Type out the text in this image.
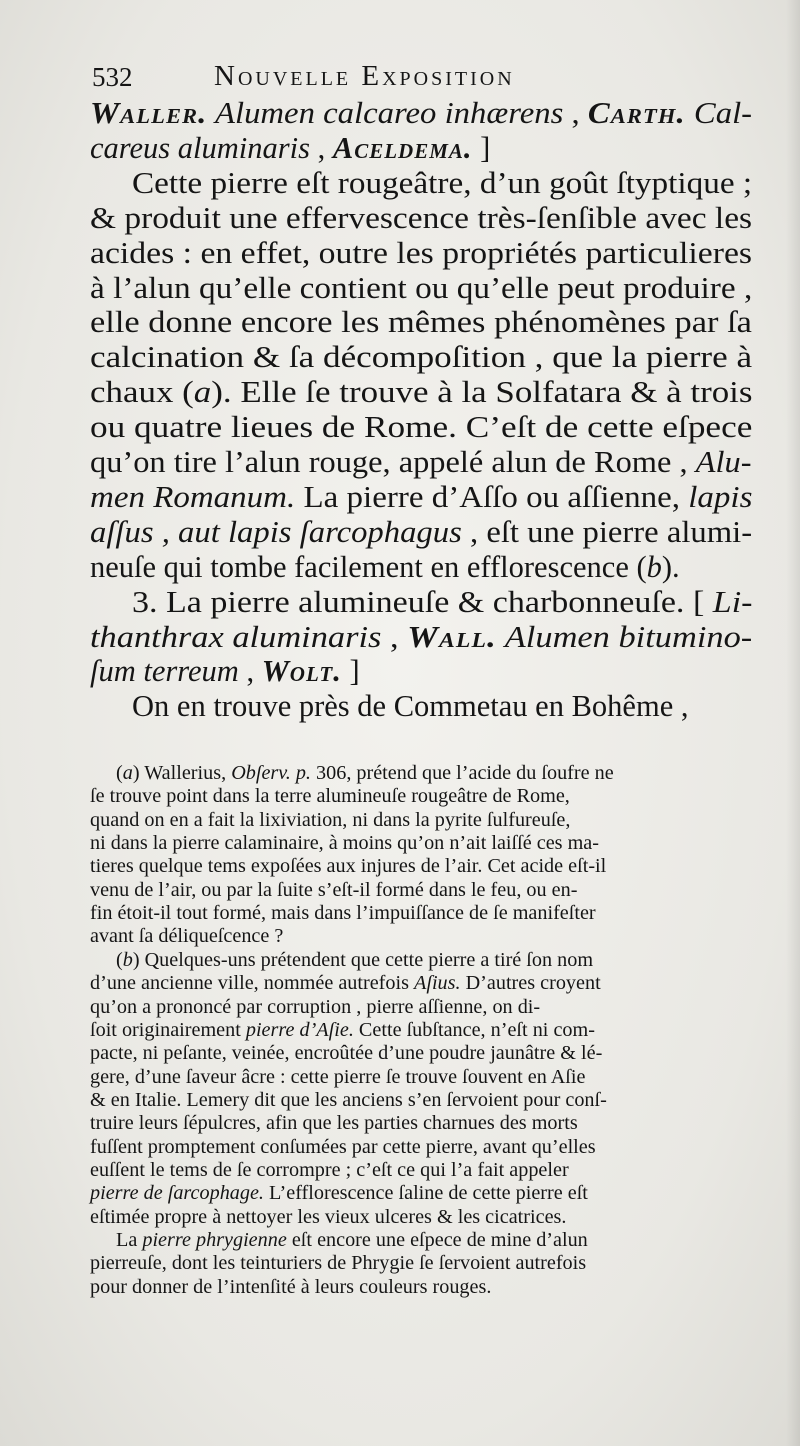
532	Nouvelle Exposition
Waller. Alumen calcareo inhærens , Carth. Cal-
careus aluminaris , Aceldema. ]
Cette pierre eſt rougeâtre, d’un goût ſtyptique ;
& produit une effervescence très-ſenſible avec les
acides : en effet, outre les propriétés particulieres
à l’alun qu’elle contient ou qu’elle peut produire ,
elle donne encore les mêmes phénomènes par ſa
calcination & ſa décompoſition , que la pierre à
chaux (a). Elle ſe trouve à la Solfatara & à trois
ou quatre lieues de Rome. C’eſt de cette eſpece
qu’on tire l’alun rouge, appelé alun de Rome , Alu-
men Romanum. La pierre d’Aſſo ou aſſienne, lapis
aſſus , aut lapis ſarcophagus , eſt une pierre alumi-
neuſe qui tombe facilement en efflorescence (b).
3. La pierre alumineuſe & charbonneuſe. [ Li-
thanthrax aluminaris , Wall. Alumen bitumino-
ſum terreum , Wolt. ]
On en trouve près de Commetau en Bohême ,
(a) Wallerius, Obſerv. p. 306, prétend que l’acide du ſoufre ne
ſe trouve point dans la terre alumineuſe rougeâtre de Rome,
quand on en a fait la lixiviation, ni dans la pyrite ſulfureuſe,
ni dans la pierre calaminaire, à moins qu’on n’ait laiſſé ces ma-
tieres quelque tems expoſées aux injures de l’air. Cet acide eſt-il
venu de l’air, ou par la ſuite s’eſt-il formé dans le feu, ou en-
fin étoit-il tout formé, mais dans l’impuiſſance de ſe manifeſter
avant ſa déliqueſcence ?
(b) Quelques-uns prétendent que cette pierre a tiré ſon nom
d’une ancienne ville, nommée autrefois Aſius. D’autres croyent
qu’on a prononcé par corruption , pierre aſſienne, on di-
ſoit originairement pierre d’Aſie. Cette ſubſtance, n’eſt ni com-
pacte, ni peſante, veinée, encroûtée d’une poudre jaunâtre & lé-
gere, d’une ſaveur âcre : cette pierre ſe trouve ſouvent en Aſie
& en Italie. Lemery dit que les anciens s’en ſervoient pour conſ-
truire leurs ſépulcres, afin que les parties charnues des morts
fuſſent promptement conſumées par cette pierre, avant qu’elles
euſſent le tems de ſe corrompre ; c’eſt ce qui l’a fait appeler
pierre de ſarcophage. L’efflorescence ſaline de cette pierre eſt
eſtimée propre à nettoyer les vieux ulceres & les cicatrices.
La pierre phrygienne eſt encore une eſpece de mine d’alun
pierreuſe, dont les teinturiers de Phrygie ſe ſervoient autrefois
pour donner de l’intenſité à leurs couleurs rouges.
